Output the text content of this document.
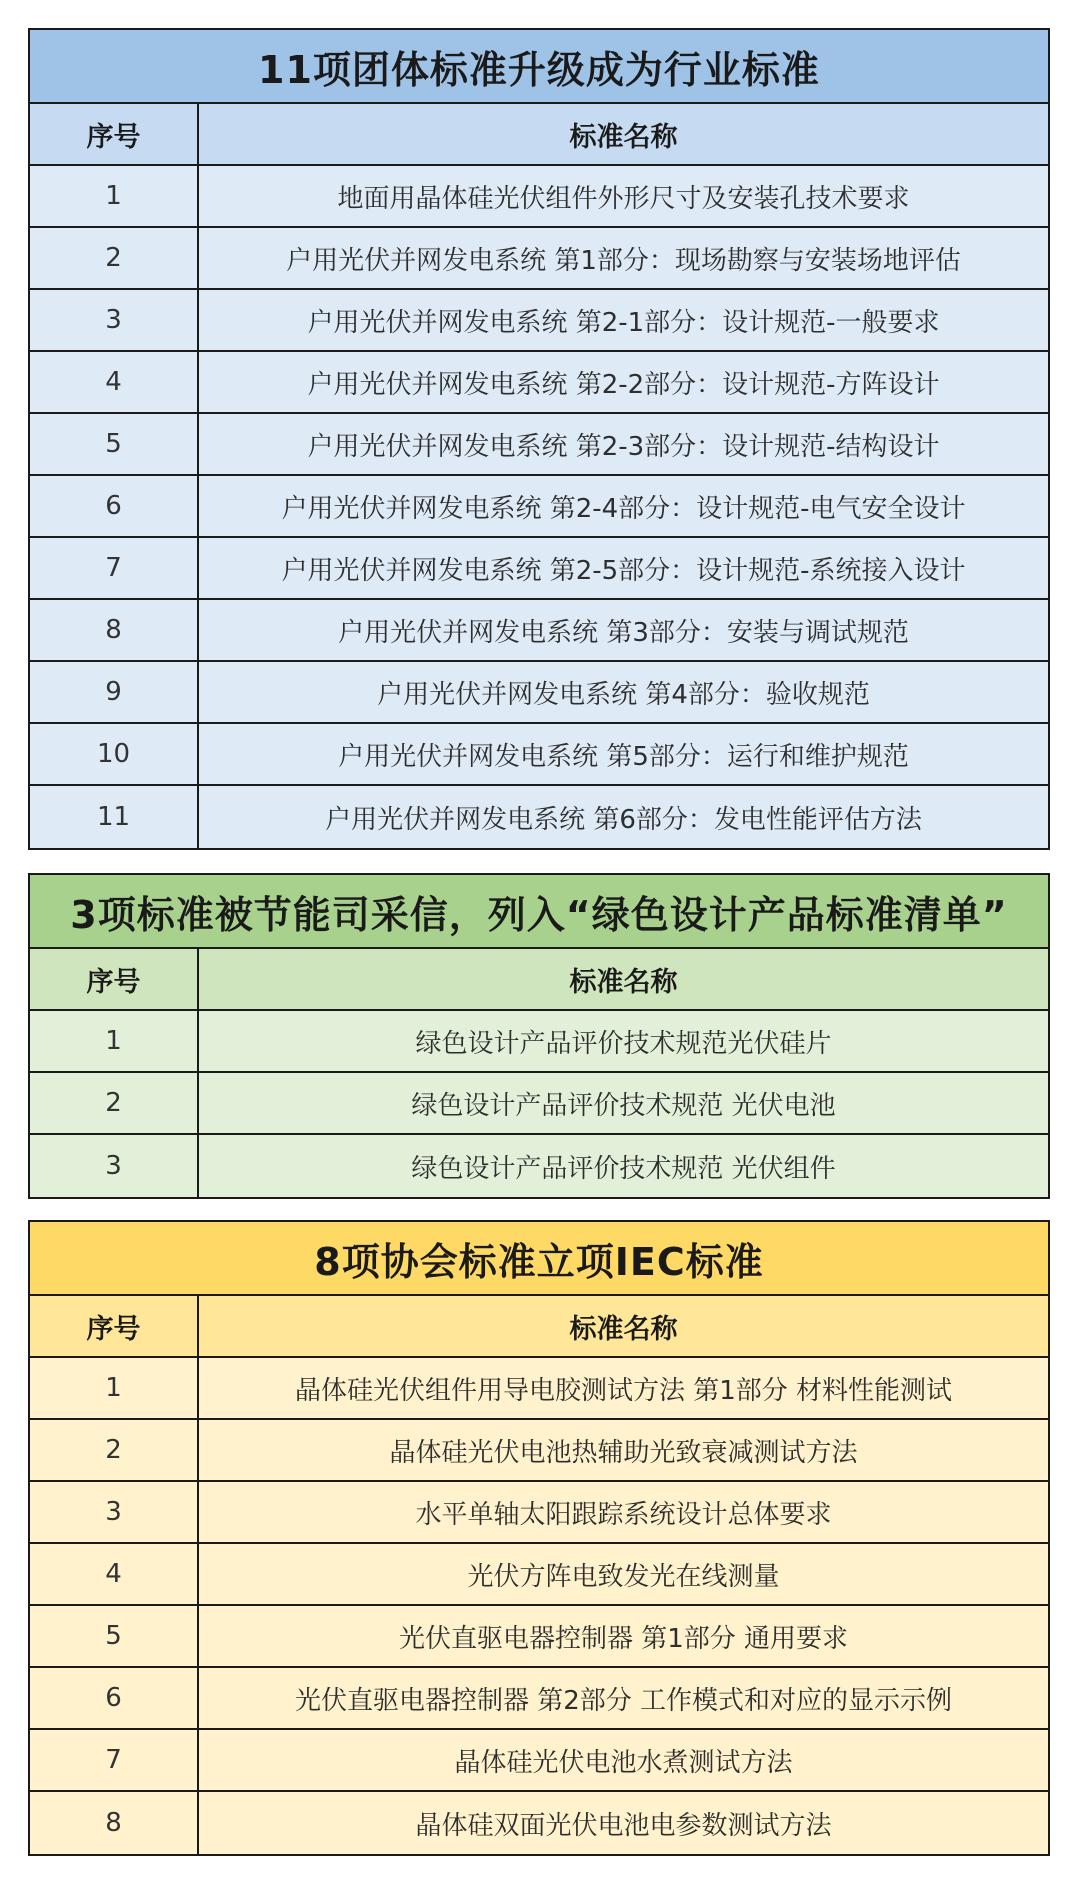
11项团体标准升级成为行业标准
序号	标准名称
1	地面用晶体硅光伏组件外形尺寸及安装孔技术要求
2	户用光伏并网发电系统 第1部分：现场勘察与安装场地评估
3	户用光伏并网发电系统 第2-1部分：设计规范-一般要求
4	户用光伏并网发电系统 第2-2部分：设计规范-方阵设计
5	户用光伏并网发电系统 第2-3部分：设计规范-结构设计
6	户用光伏并网发电系统 第2-4部分：设计规范-电气安全设计
7	户用光伏并网发电系统 第2-5部分：设计规范-系统接入设计
8	户用光伏并网发电系统 第3部分：安装与调试规范
9	户用光伏并网发电系统 第4部分：验收规范
10	户用光伏并网发电系统 第5部分：运行和维护规范
11	户用光伏并网发电系统 第6部分：发电性能评估方法
3项标准被节能司采信，列入“绿色设计产品标准清单”
序号	标准名称
1	绿色设计产品评价技术规范光伏硅片
2	绿色设计产品评价技术规范 光伏电池
3	绿色设计产品评价技术规范 光伏组件
8项协会标准立项IEC标准
序号	标准名称
1	晶体硅光伏组件用导电胶测试方法 第1部分 材料性能测试
2	晶体硅光伏电池热辅助光致衰减测试方法
3	水平单轴太阳跟踪系统设计总体要求
4	光伏方阵电致发光在线测量
5	光伏直驱电器控制器 第1部分 通用要求
6	光伏直驱电器控制器 第2部分 工作模式和对应的显示示例
7	晶体硅光伏电池水煮测试方法
8	晶体硅双面光伏电池电参数测试方法
